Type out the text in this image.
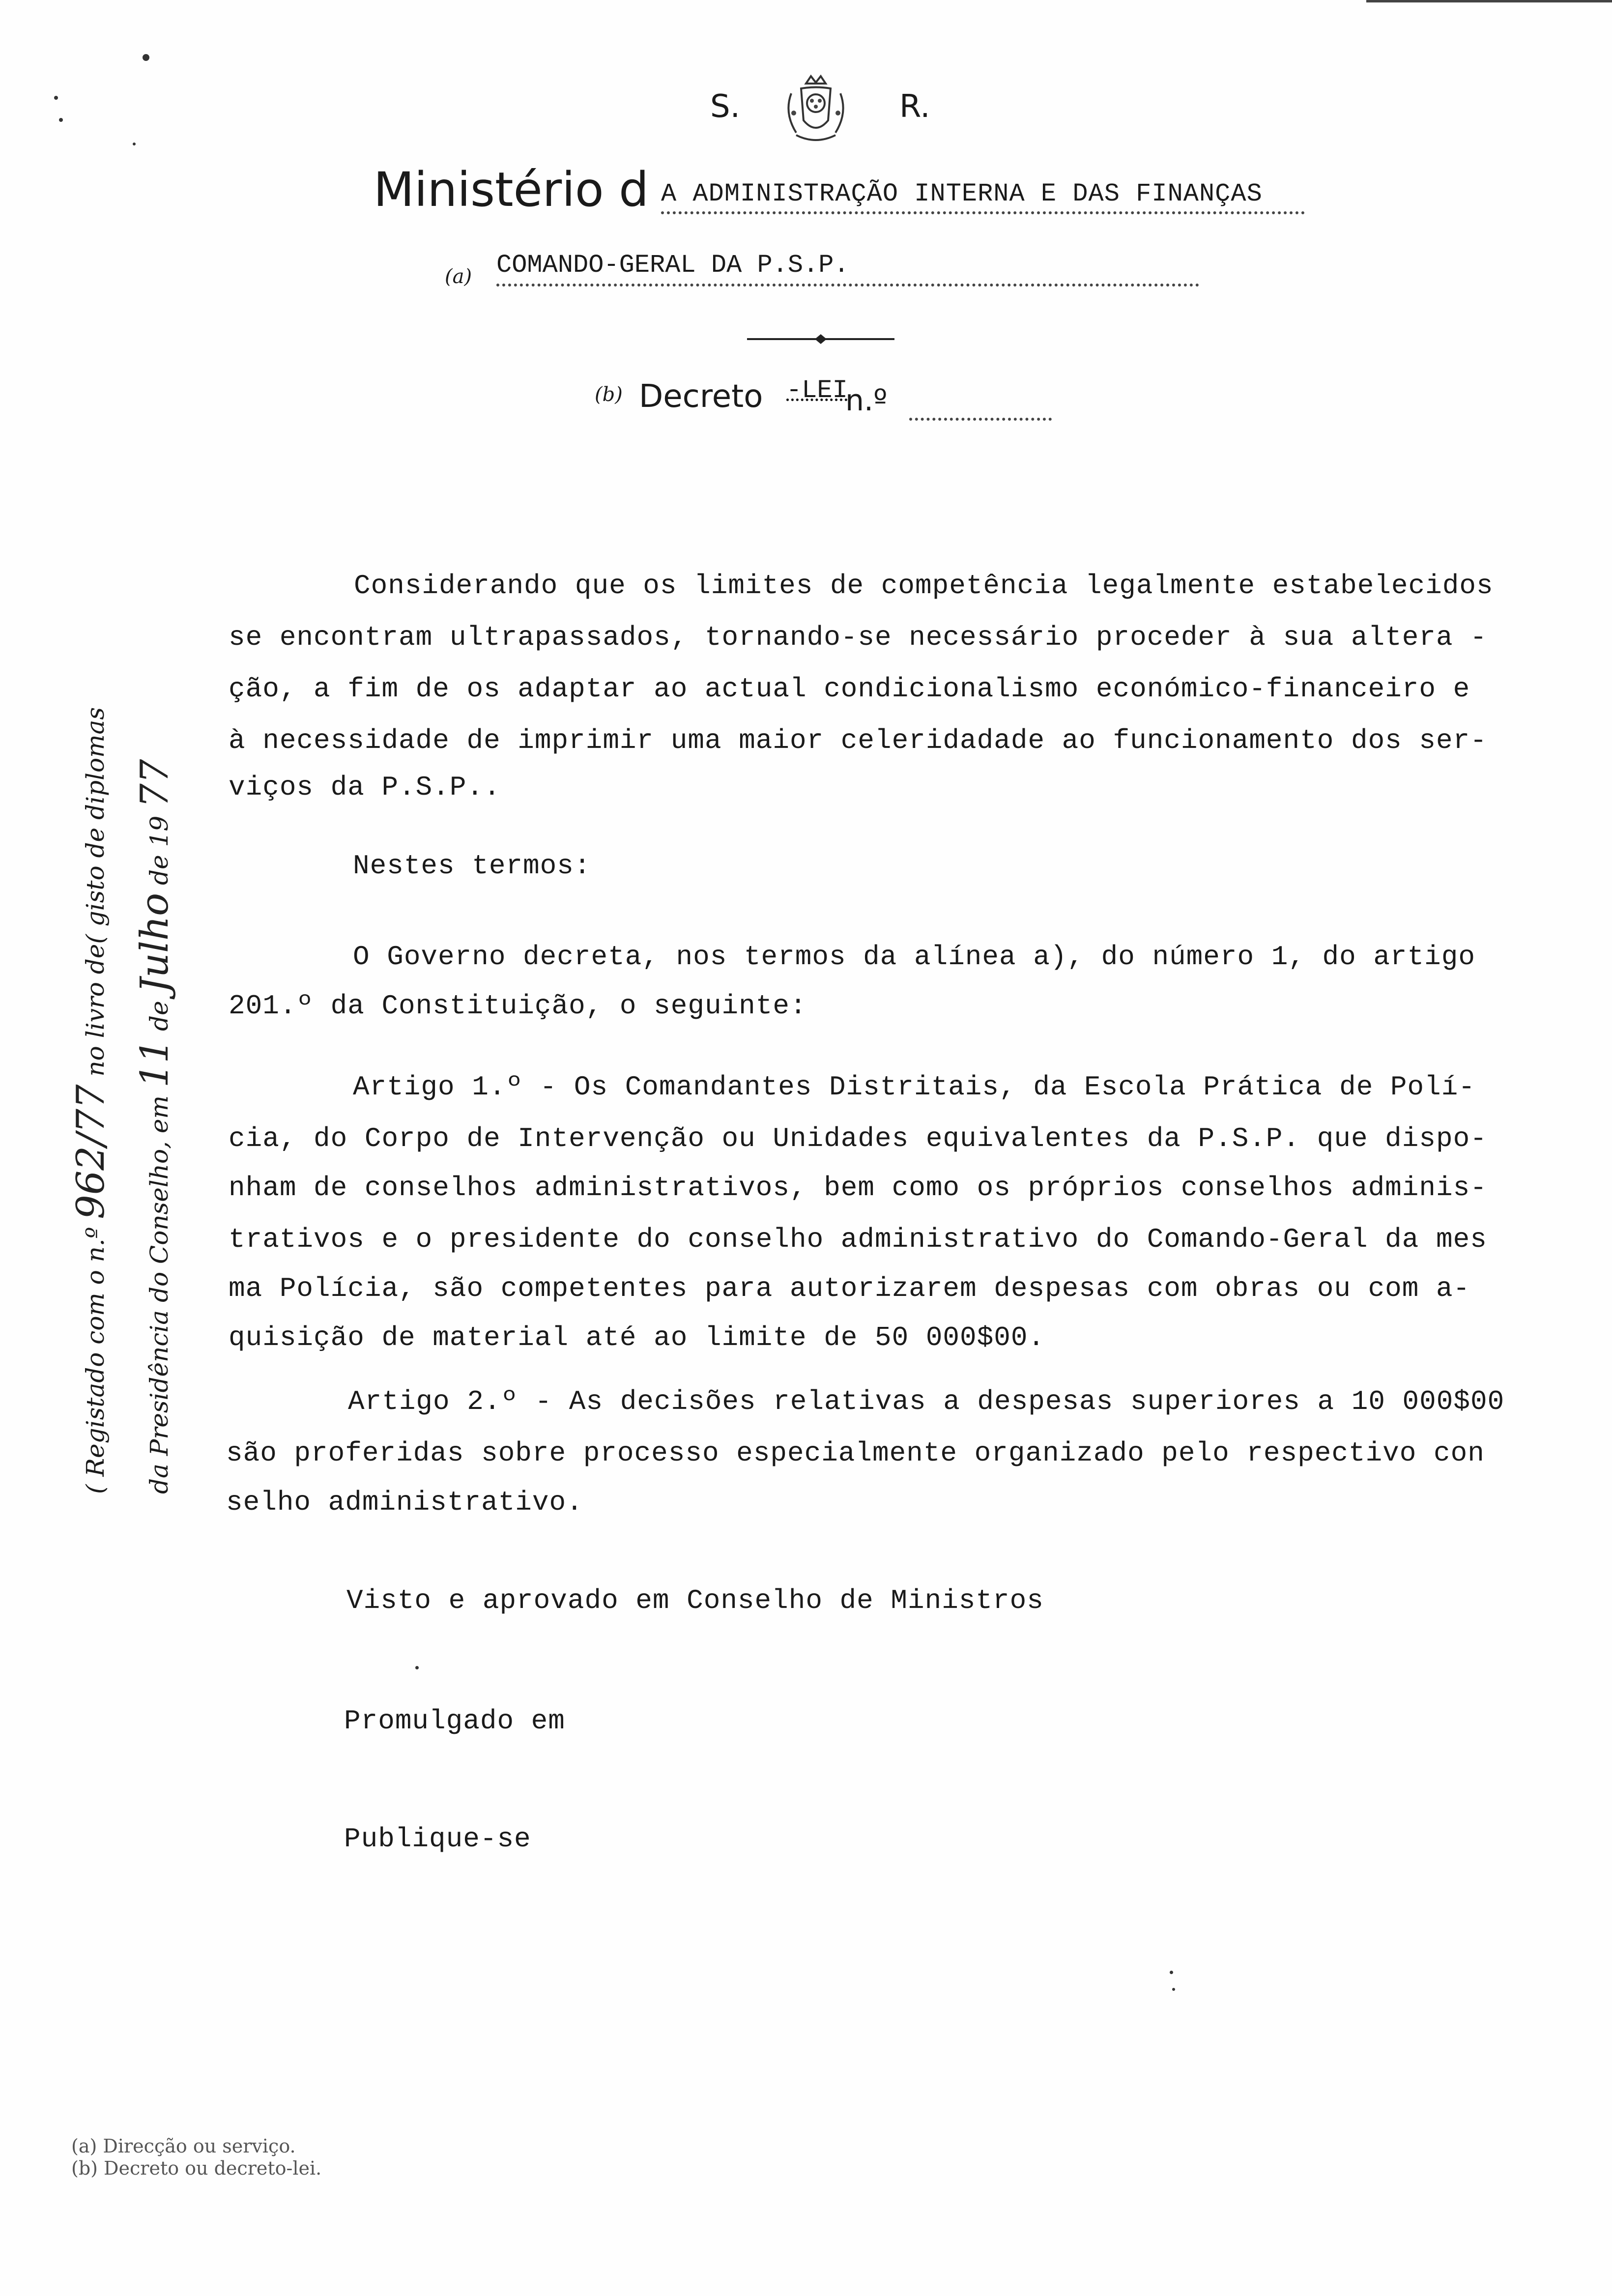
S.	R.
Ministério d A ADMINISTRAÇÃO INTERNA E DAS FINANÇAS
(a) COMANDO-GERAL DA P.S.P.
(b) Decreto -LEI
n.º
Considerando que os limites de competência legalmente estabelecidos
se encontram ultrapassados, tornando-se necessário proceder à sua altera -
ção, a fim de os adaptar ao actual condicionalismo económico-financeiro e
à necessidade de imprimir uma maior celeridadade ao funcionamento dos ser-
viços da P.S.P..
Nestes termos:
O Governo decreta, nos termos da alínea a), do número 1, do artigo
201.º da Constituição, o seguinte:
Artigo 1.º - Os Comandantes Distritais, da Escola Prática de Polí-
cia, do Corpo de Intervenção ou Unidades equivalentes da P.S.P. que dispo-
nham de conselhos administrativos, bem como os próprios conselhos adminis-
trativos e o presidente do conselho administrativo do Comando-Geral da mes
ma Polícia, são competentes para autorizarem despesas com obras ou com a-
quisição de material até ao limite de 50 000$00.
Artigo 2.º - As decisões relativas a despesas superiores a 10 000$00
são proferidas sobre processo especialmente organizado pelo respectivo con
selho administrativo.
Visto e aprovado em Conselho de Ministros
Promulgado em
Publique-se
( Registado com o n.º 962/77 no livro de( gisto de diplomas
da Presidência do Conselho, em 11 de Julho de 19 77
(a) Direcção ou serviço.
(b) Decreto ou decreto-lei.
